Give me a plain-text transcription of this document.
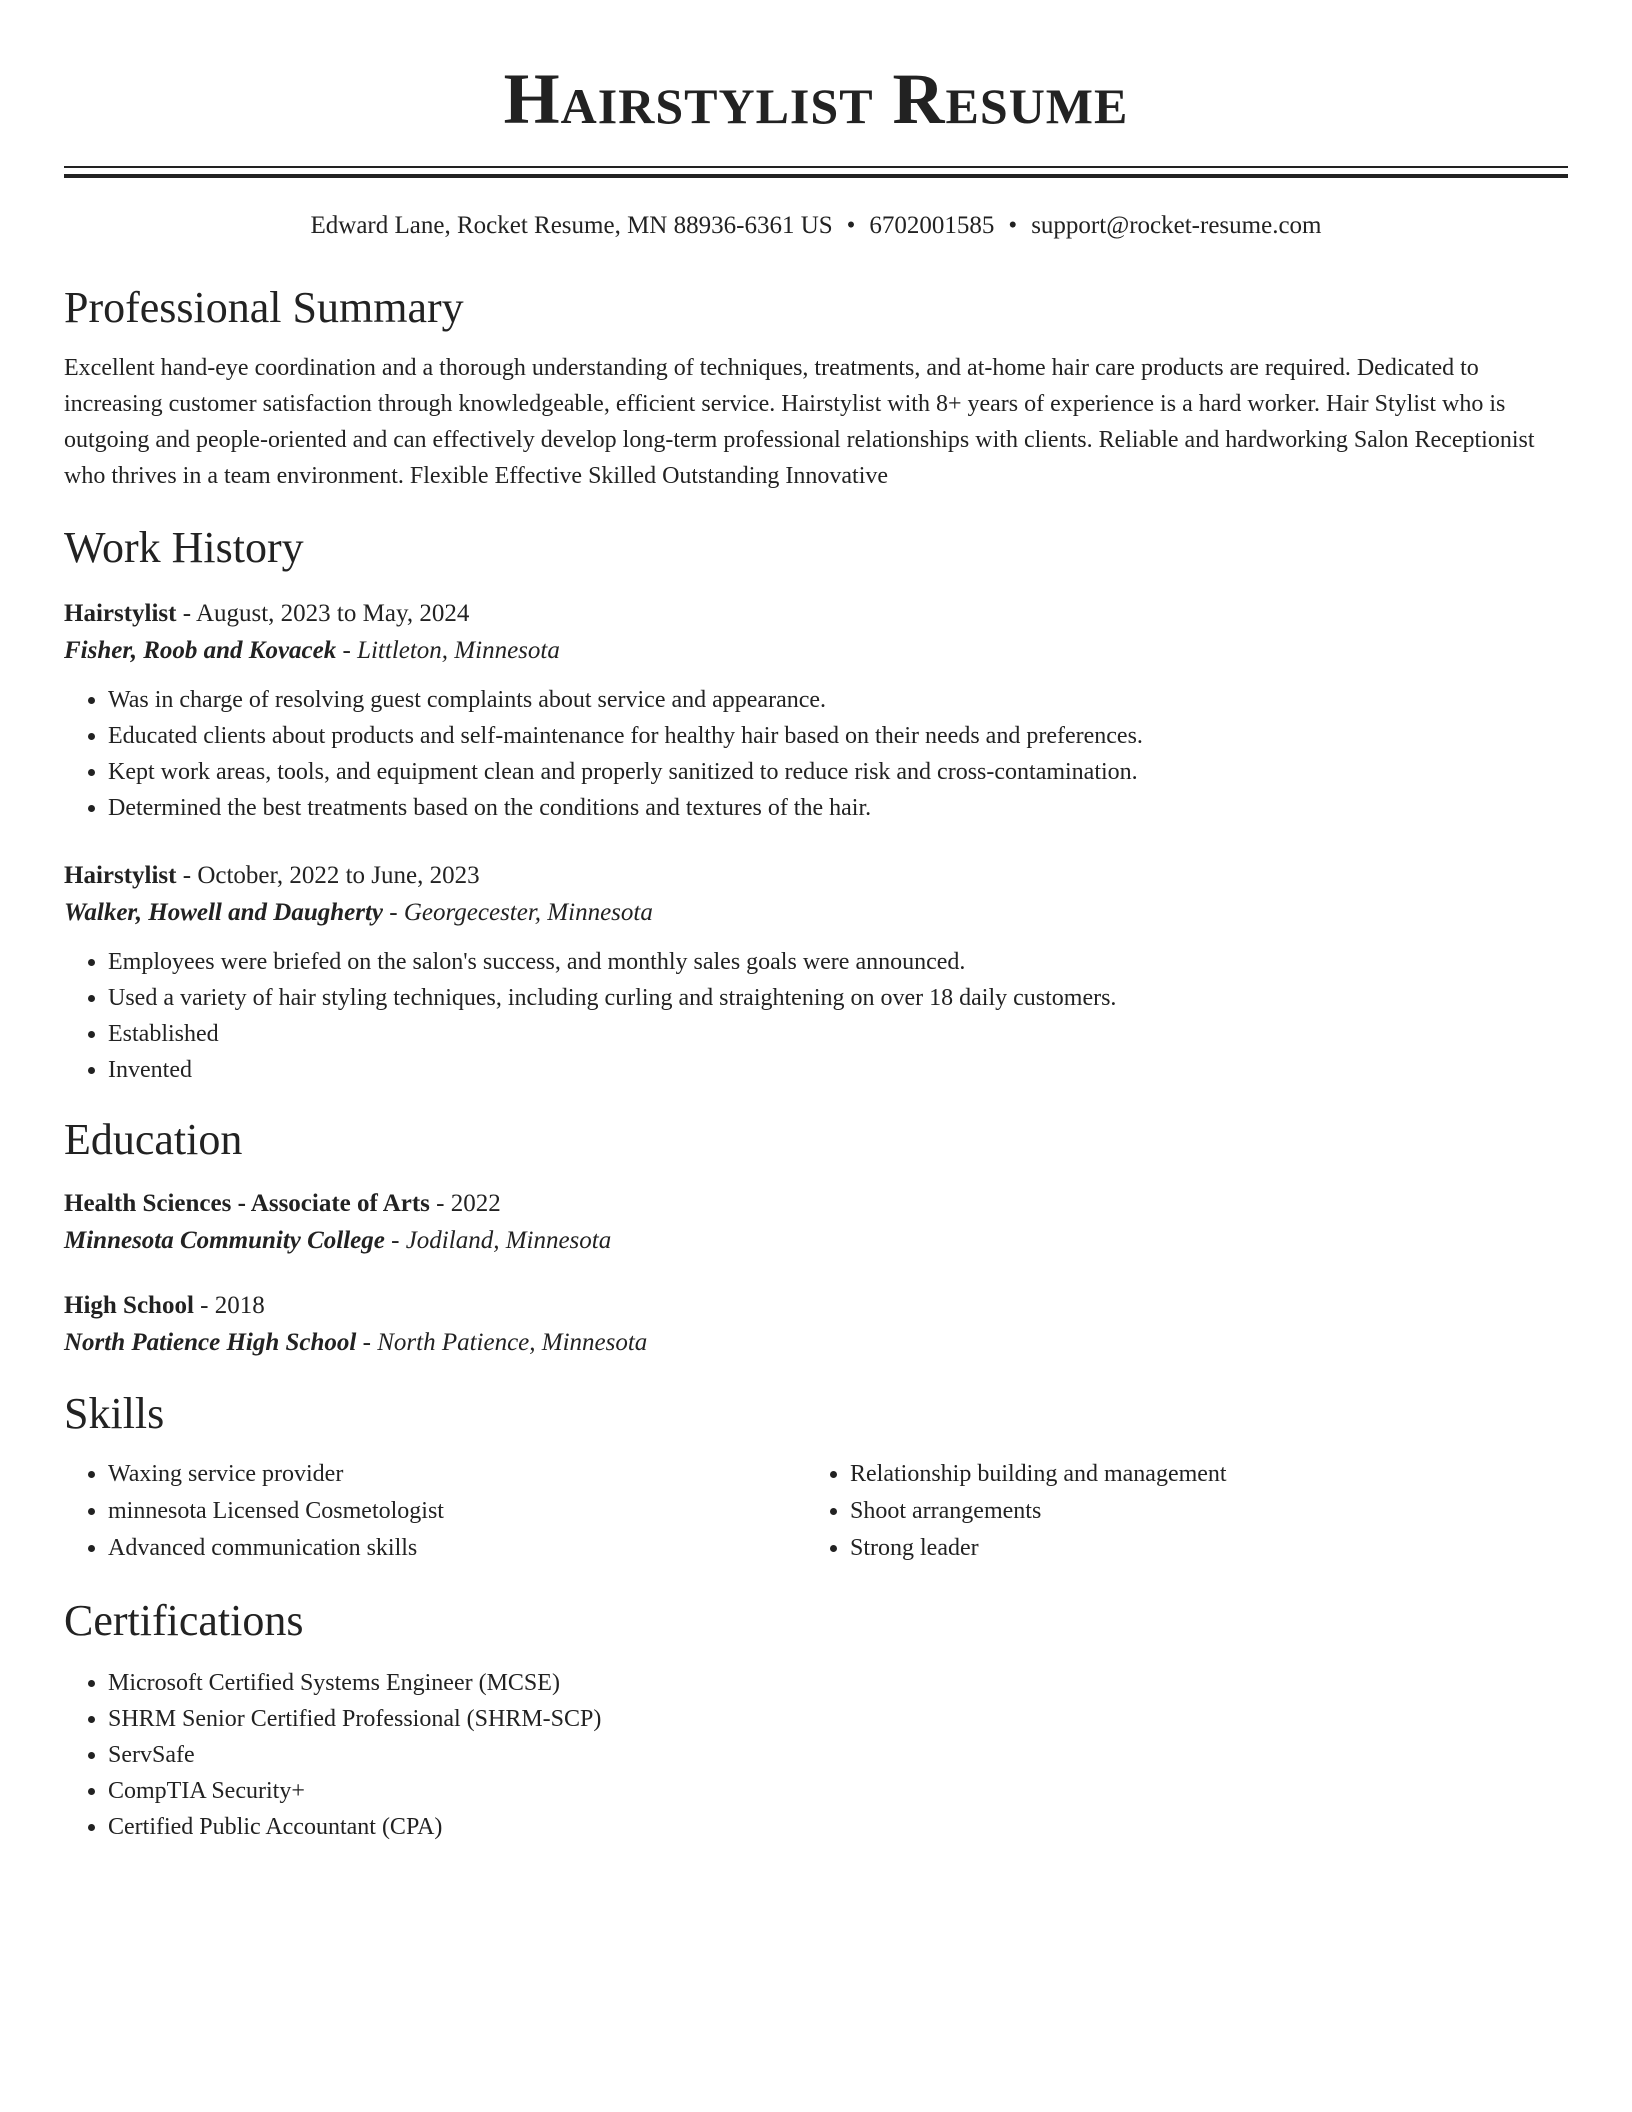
Hairstylist Resume
Edward Lane, Rocket Resume, MN 88936-6361 US • 6702001585 • support@rocket-resume.com
Professional Summary

Excellent hand-eye coordination and a thorough understanding of techniques, treatments, and at-home hair care products are required. Dedicated to increasing customer satisfaction through knowledgeable, efficient service. Hairstylist with 8+ years of experience is a hard worker. Hair Stylist who is outgoing and people-oriented and can effectively develop long-term professional relationships with clients. Reliable and hardworking Salon Receptionist who thrives in a team environment. Flexible Effective Skilled Outstanding Innovative

Work History
Hairstylist - August, 2023 to May, 2024
Fisher, Roob and Kovacek - Littleton, Minnesota
• Was in charge of resolving guest complaints about service and appearance.
• Educated clients about products and self-maintenance for healthy hair based on their needs and preferences.
• Kept work areas, tools, and equipment clean and properly sanitized to reduce risk and cross-contamination.
• Determined the best treatments based on the conditions and textures of the hair.
Hairstylist - October, 2022 to June, 2023
Walker, Howell and Daugherty - Georgecester, Minnesota
• Employees were briefed on the salon's success, and monthly sales goals were announced.
• Used a variety of hair styling techniques, including curling and straightening on over 18 daily customers.
• Established
• Invented
Education
Health Sciences - Associate of Arts - 2022
Minnesota Community College - Jodiland, Minnesota
High School - 2018
North Patience High School - North Patience, Minnesota
Skills
• Waxing service provider
• minnesota Licensed Cosmetologist
• Advanced communication skills
• Relationship building and management
• Shoot arrangements
• Strong leader
Certifications
• Microsoft Certified Systems Engineer (MCSE)
• SHRM Senior Certified Professional (SHRM-SCP)
• ServSafe
• CompTIA Security+
• Certified Public Accountant (CPA)
